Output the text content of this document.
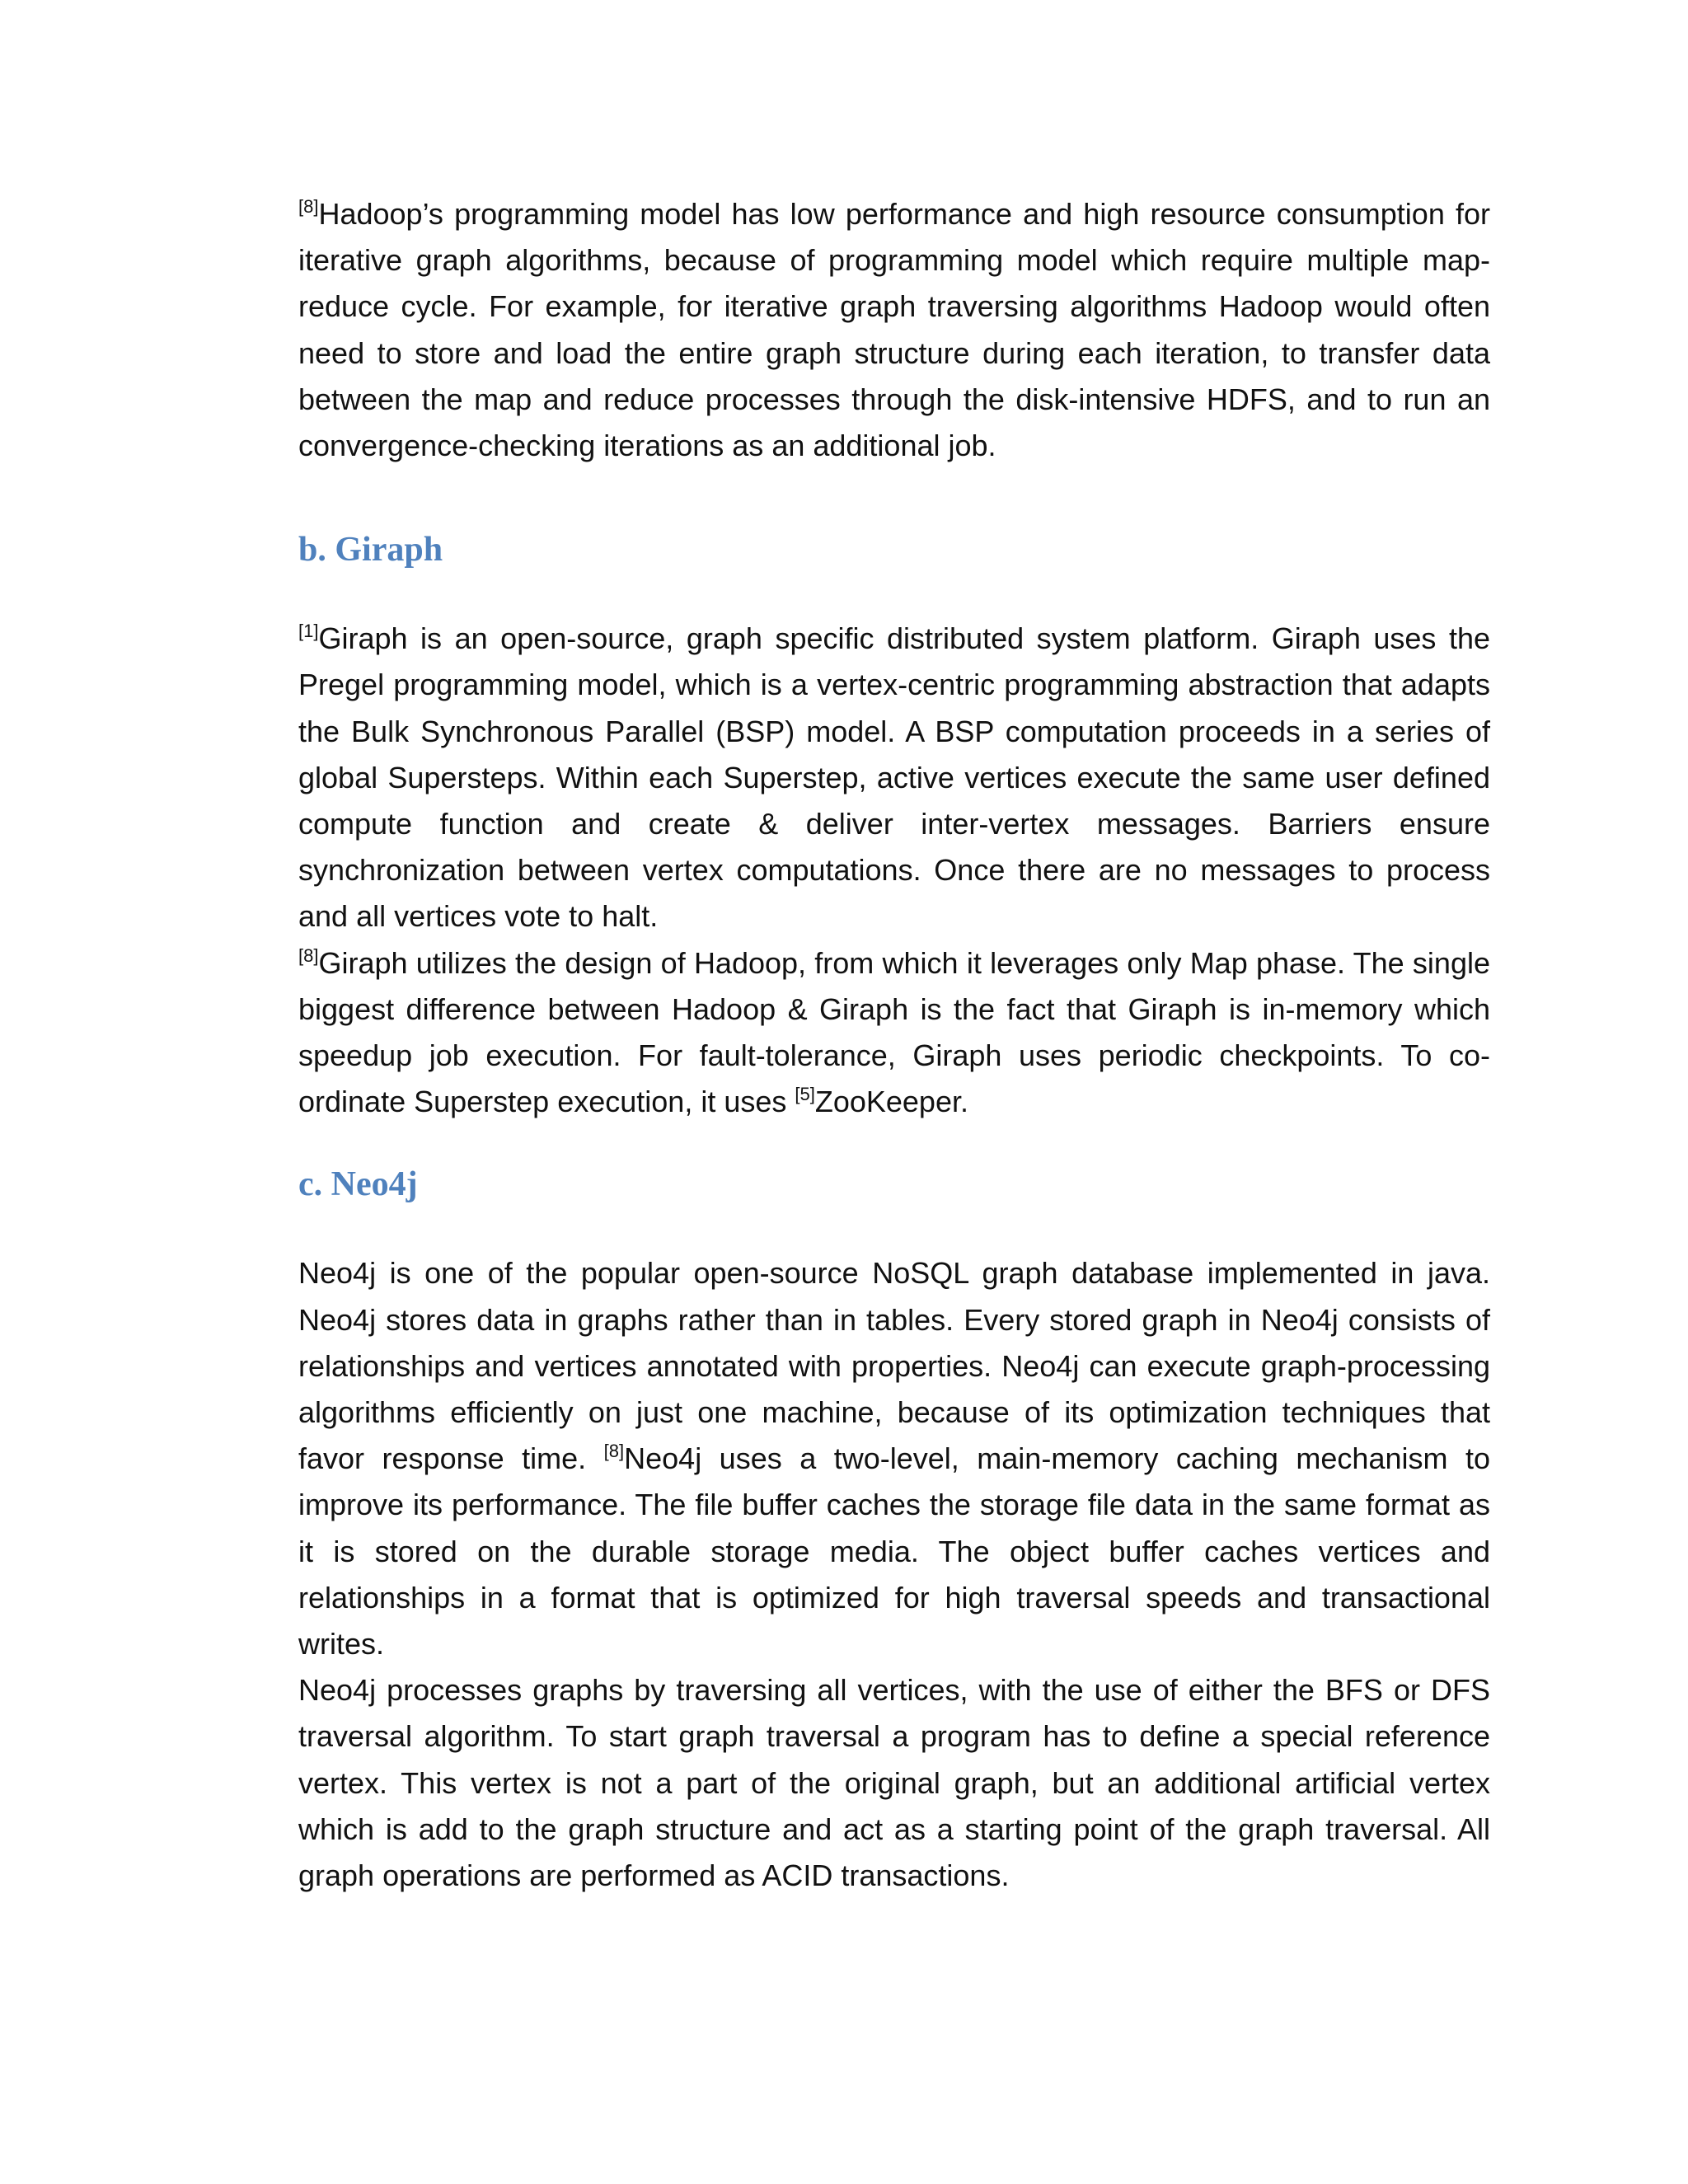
[8]Hadoop’s programming model has low performance and high resource consumption for iterative graph algorithms, because of programming model which require multiple map-reduce cycle. For example, for iterative graph traversing algorithms Hadoop would often need to store and load the entire graph structure during each iteration, to transfer data between the map and reduce processes through the disk-intensive HDFS, and to run an convergence-checking iterations as an additional job.

b. Giraph

[1]Giraph is an open-source, graph specific distributed system platform. Giraph uses the Pregel programming model, which is a vertex-centric programming abstraction that adapts the Bulk Synchronous Parallel (BSP) model. A BSP computation proceeds in a series of global Supersteps. Within each Superstep, active vertices execute the same user defined compute function and create & deliver inter-vertex messages. Barriers ensure synchronization between vertex computations. Once there are no messages to process and all vertices vote to halt.

[8]Giraph utilizes the design of Hadoop, from which it leverages only Map phase. The single biggest difference between Hadoop & Giraph is the fact that Giraph is in-memory which speedup job execution. For fault-tolerance, Giraph uses periodic checkpoints. To co-ordinate Superstep execution, it uses [5]ZooKeeper.

c. Neo4j

Neo4j is one of the popular open-source NoSQL graph database implemented in java. Neo4j stores data in graphs rather than in tables. Every stored graph in Neo4j consists of relationships and vertices annotated with properties. Neo4j can execute graph-processing algorithms efficiently on just one machine, because of its optimization techniques that favor response time. [8]Neo4j uses a two-level, main-memory caching mechanism to improve its performance. The file buffer caches the storage file data in the same format as it is stored on the durable storage media. The object buffer caches vertices and relationships in a format that is optimized for high traversal speeds and transactional writes.

Neo4j processes graphs by traversing all vertices, with the use of either the BFS or DFS traversal algorithm. To start graph traversal a program has to define a special reference vertex. This vertex is not a part of the original graph, but an additional artificial vertex which is add to the graph structure and act as a starting point of the graph traversal. All graph operations are performed as ACID transactions.
